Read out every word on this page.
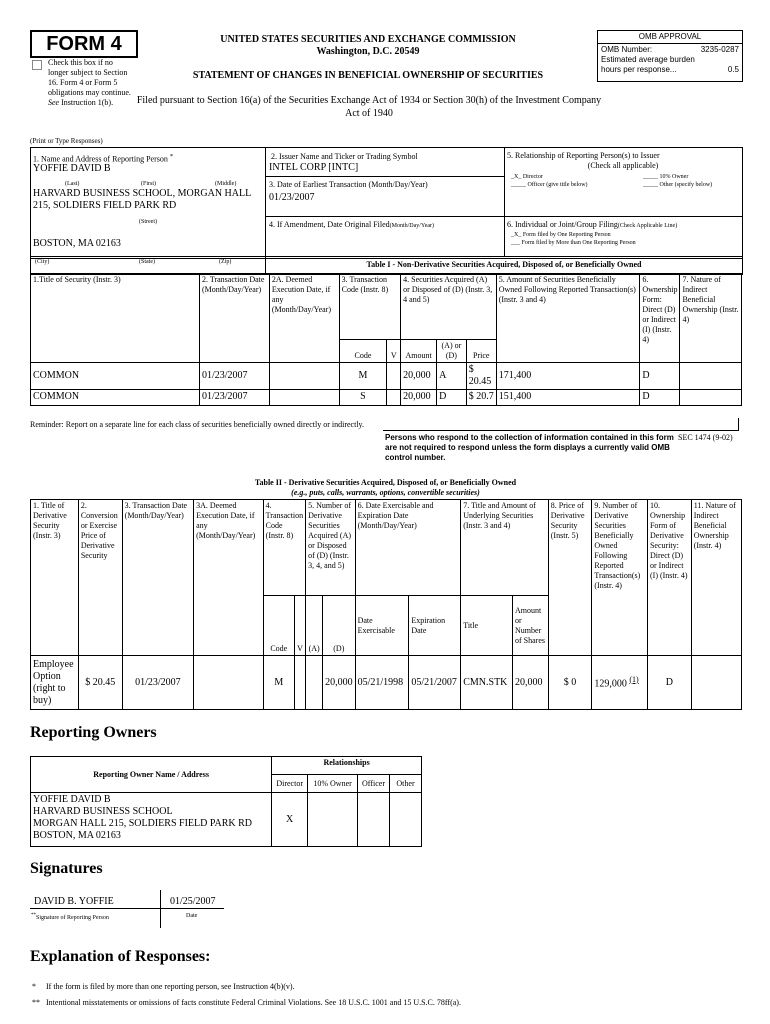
FORM 4
Check this box if no longer subject to Section 16. Form 4 or Form 5 obligations may continue. See Instruction 1(b).
UNITED STATES SECURITIES AND EXCHANGE COMMISSION
Washington, D.C. 20549
STATEMENT OF CHANGES IN BENEFICIAL OWNERSHIP OF SECURITIES
Filed pursuant to Section 16(a) of the Securities Exchange Act of 1934 or Section 30(h) of the Investment Company Act of 1940
OMB APPROVAL
OMB Number:	3235-0287
Estimated average burden
hours per response...	0.5
(Print or Type Responses)
1. Name and Address of Reporting Person *
YOFFIE DAVID B
(Last)	(First)	(Middle)
HARVARD BUSINESS SCHOOL, MORGAN HALL 215, SOLDIERS FIELD PARK RD
(Street)
BOSTON, MA 02163
2. Issuer Name and Ticker or Trading Symbol
INTEL CORP [INTC]
3. Date of Earliest Transaction (Month/Day/Year)
01/23/2007
4. If Amendment, Date Original Filed(Month/Day/Year)
5. Relationship of Reporting Person(s) to Issuer
(Check all applicable)
_X_ Director	_____ 10% Owner
_____ Officer (give title below)	_____ Other (specify below)
6. Individual or Joint/Group Filing(Check Applicable Line)
_X_ Form filed by One Reporting Person
___ Form filed by More than One Reporting Person
(City)	(State)	(Zip)	Table I - Non-Derivative Securities Acquired, Disposed of, or Beneficially Owned
1.Title of Security (Instr. 3)	2. Transaction Date (Month/Day/Year)	2A. Deemed Execution Date, if any (Month/Day/Year)	3. Transaction Code (Instr. 8)		4. Securities Acquired (A) or Disposed of (D) (Instr. 3, 4 and 5)			5. Amount of Securities Beneficially Owned Following Reported Transaction(s) (Instr. 3 and 4)	6. Ownership Form: Direct (D) or Indirect (I) (Instr. 4)	7. Nature of Indirect Beneficial Ownership (Instr. 4)
			Code	V	Amount	(A) or (D)	Price			
COMMON	01/23/2007		M		20,000	A	$ 20.45	171,400	D	
COMMON	01/23/2007		S		20,000	D	$ 20.7	151,400	D	
Reminder: Report on a separate line for each class of securities beneficially owned directly or indirectly.
Persons who respond to the collection of information contained in this form are not required to respond unless the form displays a currently valid OMB control number.
SEC 1474 (9-02)
Table II - Derivative Securities Acquired, Disposed of, or Beneficially Owned
(e.g., puts, calls, warrants, options, convertible securities)
1. Title of Derivative Security (Instr. 3)	2. Conversion or Exercise Price of Derivative Security	3. Transaction Date (Month/Day/Year)	3A. Deemed Execution Date, if any (Month/Day/Year)	4. Transaction Code (Instr. 8)		5. Number of Derivative Securities Acquired (A) or Disposed of (D) (Instr. 3, 4, and 5)		6. Date Exercisable and Expiration Date (Month/Day/Year)		7. Title and Amount of Underlying Securities (Instr. 3 and 4)		8. Price of Derivative Security (Instr. 5)	9. Number of Derivative Securities Beneficially Owned Following Reported Transaction(s) (Instr. 4)	10. Ownership Form of Derivative Security: Direct (D) or Indirect (I) (Instr. 4)	11. Nature of Indirect Beneficial Ownership (Instr. 4)
				Code	V	(A)	(D)	Date Exercisable	Expiration Date	Title	Amount or Number of Shares				
Employee Option (right to buy)	$ 20.45	01/23/2007		M			20,000	05/21/1998	05/21/2007	CMN.STK	20,000	$ 0	129,000 $^{(1)}$	D	
Reporting Owners
Reporting Owner Name / Address	Relationships			
	Director	10% Owner	Officer	Other

YOFFIE DAVID B
HARVARD BUSINESS SCHOOL
MORGAN HALL 215, SOLDIERS FIELD PARK RD
BOSTON, MA 02163	X			
Signatures
DAVID B. YOFFIE
**Signature of Reporting Person
01/25/2007
Date
Explanation of Responses:
* If the form is filed by more than one reporting person, see Instruction 4(b)(v).
** Intentional misstatements or omissions of facts constitute Federal Criminal Violations. See 18 U.S.C. 1001 and 15 U.S.C. 78ff(a).
